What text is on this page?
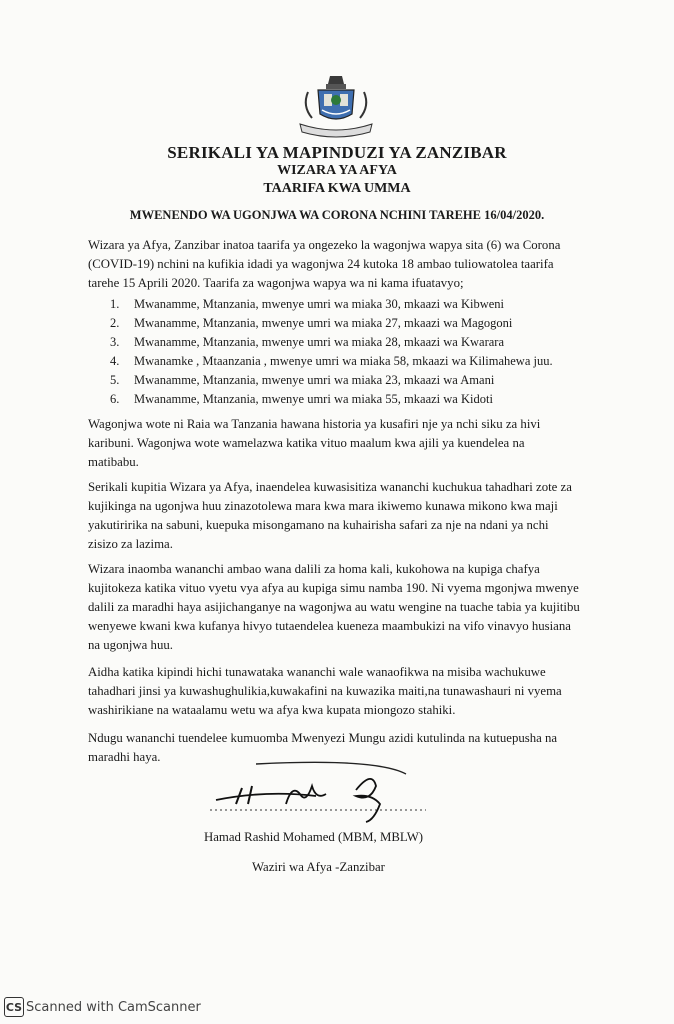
SERIKALI YA MAPINDUZI YA ZANZIBAR
WIZARA YA AFYA
TAARIFA KWA UMMA
MWENENDO WA UGONJWA WA CORONA NCHINI TAREHE 16/04/2020.
Wizara ya Afya, Zanzibar inatoa taarifa ya ongezeko la wagonjwa wapya sita (6) wa Corona
(COVID-19) nchini na kufikia idadi ya wagonjwa 24 kutoka 18 ambao tuliowatolea taarifa
tarehe 15 Aprili 2020. Taarifa za wagonjwa wapya wa ni kama ifuatavyo;
1.	Mwanamme, Mtanzania, mwenye umri wa miaka 30, mkaazi wa Kibweni
2.	Mwanamme, Mtanzania, mwenye umri wa miaka 27, mkaazi wa Magogoni
3.	Mwanamme, Mtanzania, mwenye umri wa miaka 28, mkaazi wa Kwarara
4.	Mwanamke , Mtaanzania , mwenye umri wa miaka 58, mkaazi wa Kilimahewa juu.
5.	Mwanamme, Mtanzania, mwenye umri wa miaka 23, mkaazi wa Amani
6.	Mwanamme, Mtanzania, mwenye umri wa miaka 55, mkaazi wa Kidoti
Wagonjwa wote ni Raia wa Tanzania hawana historia ya kusafiri nje ya nchi siku za hivi
karibuni. Wagonjwa wote wamelazwa katika vituo maalum kwa ajili ya kuendelea na
matibabu.
Serikali kupitia Wizara ya Afya, inaendelea kuwasisitiza wananchi kuchukua tahadhari zote za
kujikinga na ugonjwa huu zinazotolewa mara kwa mara ikiwemo kunawa mikono kwa maji
yakutiririka na sabuni, kuepuka misongamano na kuhairisha safari za nje na ndani ya nchi
zisizo za lazima.
Wizara inaomba wananchi ambao wana dalili za homa kali, kukohowa na kupiga chafya
kujitokeza katika vituo vyetu vya afya au kupiga simu namba 190. Ni vyema mgonjwa mwenye
dalili za maradhi haya asijichanganye na wagonjwa au watu wengine na tuache tabia ya kujitibu
wenyewe kwani kwa kufanya hivyo tutaendelea kueneza maambukizi na vifo vinavyo husiana
na ugonjwa huu.
Aidha katika kipindi hichi tunawataka wananchi wale wanaofikwa na misiba wachukuwe
tahadhari jinsi ya kuwashughulikia,kuwakafini na kuwazika maiti,na tunawashauri ni vyema
washirikiane na wataalamu wetu wa afya kwa kupata miongozo stahiki.
Ndugu wananchi tuendelee kumuomba Mwenyezi Mungu azidi kutulinda na kutuepusha na
maradhi haya.
Hamad Rashid Mohamed (MBM, MBLW)
Waziri wa Afya -Zanzibar
CS Scanned with CamScanner
